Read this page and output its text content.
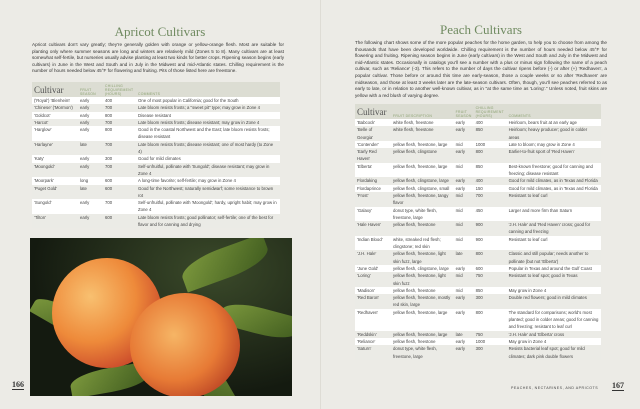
Apricot Cultivars

Apricot cultivars don't vary greatly; they're generally golden with orange or yellow-orange flesh. Most are suitable for planting only where summer seasons are long and winters are relatively mild (Zones 5 to 8). Many cultivars are at least somewhat self-fertile, but nurseries usually advise planting at least two kinds for better crops. Ripening season begins (early cultivars) in June in the West and South and in July in the Midwest and mid-Atlantic states. Chilling requirement is the number of hours needed below 45°F for flowering and fruiting. Pits of those listed here are freestone.

Cultivar	FRUIT SEASON	CHILLING REQUIREMENT (HOURS)	COMMENTS
('Royal') 'Blenheim'	early	400	One of most popular in California; good for the South
'Chinese' ('Mormon')	early	700	Late bloom resists frosts; a "sweet pit" type; may grow in Zone 4
'Goldcot'	early	800	Disease resistant
'Harcot'	early	700	Late bloom resists frosts; disease resistant; may grow in Zone 4
'Harglow'	early	800	Good in the coastal Northwest and the East; late bloom resists frosts; disease resistant
'Harlayne'	late	700	Late bloom resists frosts; disease resistant; one of most hardy (to Zone 4)
'Katy'	early	300	Good for mild climates
'Moongold'	early	700	Self-unfruitful, pollinate with 'Sungold'; disease resistant; may grow in Zone 4
'Moorpark'	long	600	A long-time favorite; self-fertile; may grow in Zone 4
'Puget Gold'	late	600	Good for the Northwest; naturally semidwarf; some resistance to brown rot
'Sungold'	early	700	Self-unfruitful, pollinate with 'Moongold'; hardy, upright habit; may grow in Zone 4
'Tilton'	early	600	Late bloom resists frosts; good pollinator; self-fertile; one of the best for flavor and for canning and drying
166
Peach Cultivars

The following chart shows some of the more popular peaches for the home garden, to help you to choose from among the thousands that have been developed worldwide. Chilling requirement is the number of hours needed below 45°F for flowering and fruiting. Ripening season begins in June (early cultivars) in the West and South and July in the Midwest and mid-Atlantic states. Occasionally in catalogs you'll see a number with a plus or minus sign following the name of a peach cultivar, such as 'Reliance' (-3). This refers to the number of days the cultivar ripens before (-) or after (+) 'Redhaven', a popular cultivar. Those before or around this time are early-season, those a couple weeks or so after 'Redhaven' are midseason, and those at least 3 weeks later are the late-season cultivars. Often, though, you'll see peaches referred to as early to late, or in relation to another well-known cultivar, as in "at the same time as 'Loring'." Unless noted, fruit skins are yellow with a red blush of varying degree.

Cultivar	FRUIT DESCRIPTION	FRUIT SEASON	CHILLING REQUIREMENT (HOURS)	COMMENTS
'Babcock'	white flesh, freestone	early	400	Heirloom, bears fruit at an early age
'Belle of Georgia'	white flesh, freestone	early	850	Heirloom; heavy producer; good in colder areas
'Contender'	yellow flesh, freestone, large	mid	1000	Late to bloom; may grow in Zone 4
'Early Red Haven'	yellow flesh, clingstone	early	800	Earlier-to-fruit sport of 'Red Haven'
'Elberta'	yellow flesh, freestone, large	mid	850	Best-known freestone; good for canning and freezing; disease resistant
Flordaking	yellow flesh, clingstone, large	early	400	Good for mild climates, as in Texas and Florida
Flordaprince	yellow flesh, clingstone, small	early	150	Good for mild climates, as in Texas and Florida
'Frost'	yellow flesh, freestone, tangy flavor	mid	700	Resistant to leaf curl
'Galaxy'	donut type, white flesh, freestone, large	mid	450	Larger and more firm than Saturn
'Hale Haven'	yellow flesh, freestone	mid	900	'J.H. Hale' and 'Red Haven' cross; good for canning and freezing
'Indian Blood'	white, streaked red flesh; clingstone; red skin	mid	900	Resistant to leaf curl
'J.H. Hale'	yellow flesh, freestone, light skin fuzz, large	late	800	Classic and still popular; needs another to pollinate (but not 'Elberta')
'June Gold'	yellow flesh, clingstone, large	early	600	Popular in Texas and around the Gulf Coast
'Loring'	yellow flesh, freestone, light skin fuzz	mid	750	Resistant to leaf spot; good in Texas
'Madison'	yellow flesh, freestone	mid	850	May grow in Zone 4
'Red Baron'	yellow flesh, freestone, mostly red skin, large	early	300	Double red flowers; good in mild climates
'Redhaven'	yellow flesh, freestone, large	early	800	The standard for comparisons; world's most planted; good in colder areas; good for canning and freezing; resistant to leaf curl
'Reddskin'	yellow flesh, freestone, large	late	750	'J.H. Hale' and 'Elberta' cross
'Reliance'	yellow flesh, freestone	early	1000	May grow in Zone 4
'Saturn'	donut type, white flesh, freestone, large	early	300	Resists bacterial leaf spot; good for mild climates; dark pink double flowers
PEACHES, NECTARINES, AND APRICOTS 167
